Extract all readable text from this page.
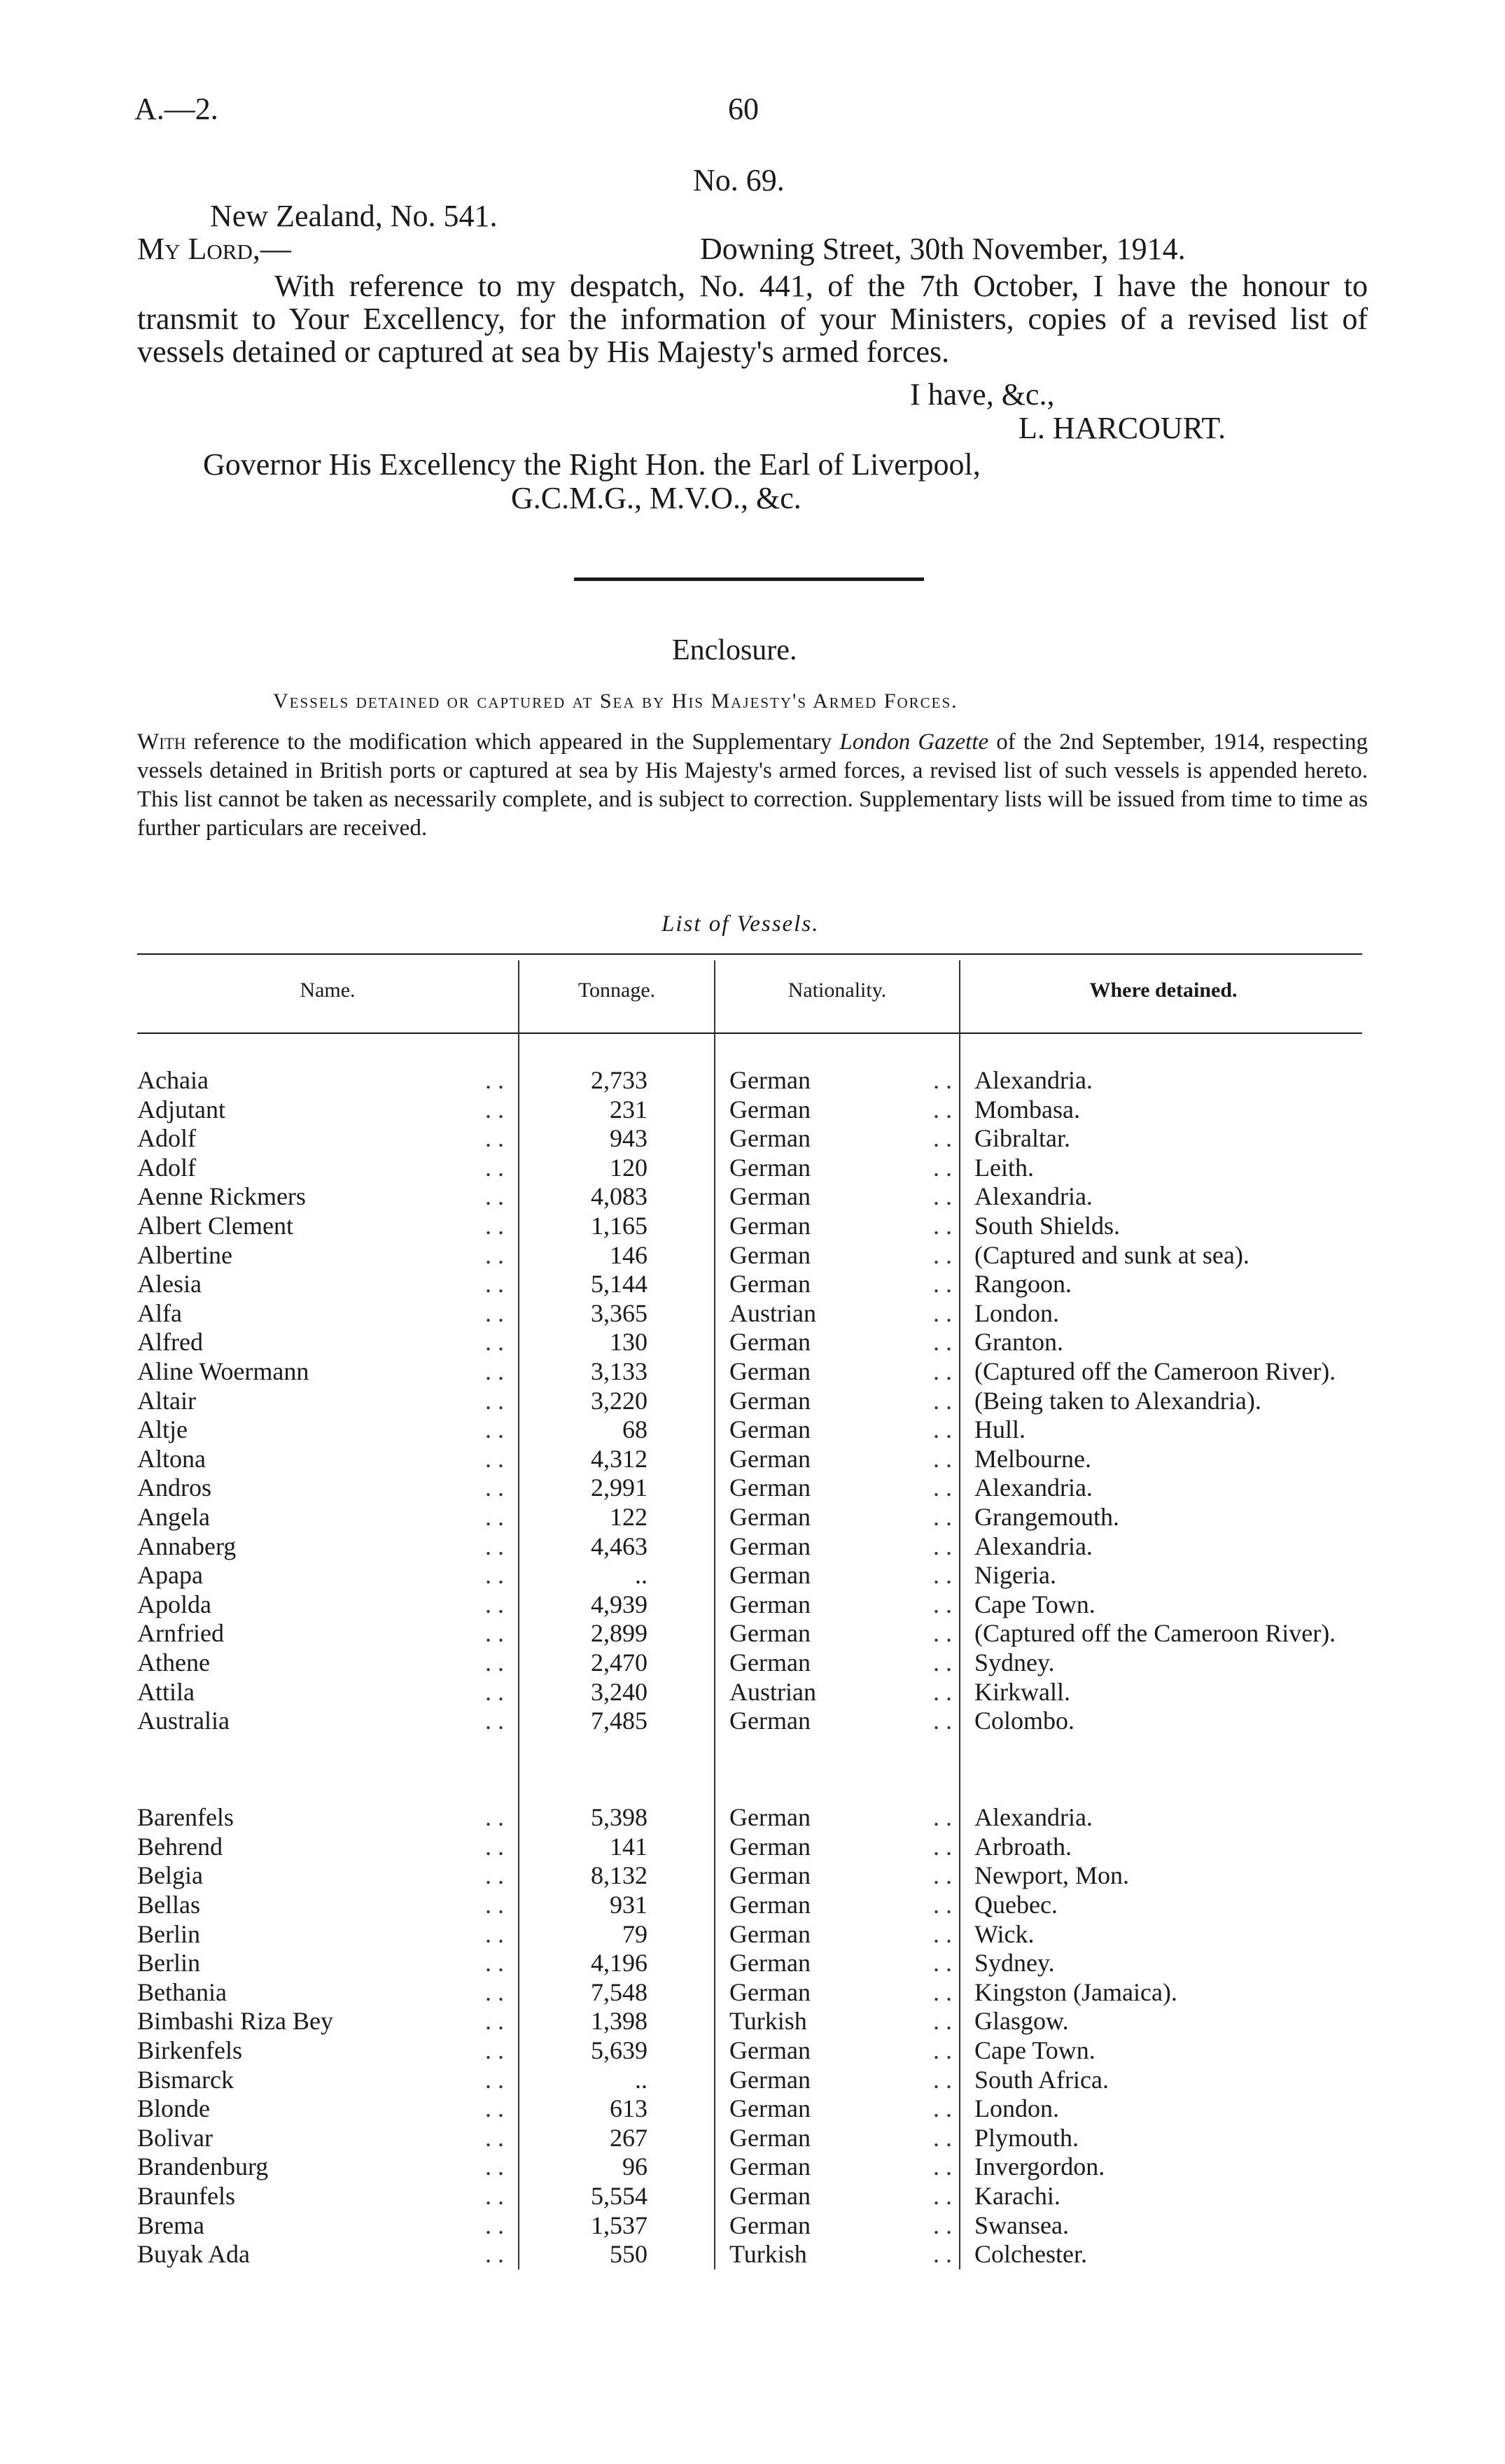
A.—2.	60
No. 69.
New Zealand, No. 541.
My Lord,—	Downing Street, 30th November, 1914.
With reference to my despatch, No. 441, of the 7th October, I have the honour to transmit to Your Excellency, for the information of your Ministers, copies of a revised list of vessels detained or captured at sea by His Majesty's armed forces.
I have, &c.,
L. HARCOURT.
Governor His Excellency the Right Hon. the Earl of Liverpool,
G.C.M.G., M.V.O., &c.
Enclosure.
Vessels detained or captured at Sea by His Majesty's Armed Forces.
With reference to the modification which appeared in the Supplementary London Gazette of the 2nd September, 1914, respecting vessels detained in British ports or captured at sea by His Majesty's armed forces, a revised list of such vessels is appended hereto. This list cannot be taken as necessarily complete, and is subject to correction. Supplementary lists will be issued from time to time as further particulars are received.
List of Vessels.
Name.	Tonnage.	Nationality.	Where detained.
Achaia	. .	2,733	German	. . Alexandria.
Adjutant	. .	231	German	. . Mombasa.
Adolf	. .	943	German	. . Gibraltar.
Adolf	. .	120	German	. . Leith.
Aenne Rickmers	. .	4,083	German	. . Alexandria.
Albert Clement	. .	1,165	German	. . South Shields.
Albertine	. .	146	German	. . (Captured and sunk at sea).
Alesia	. .	5,144	German	. . Rangoon.
Alfa	. .	3,365	Austrian	. . London.
Alfred	. .	130	German	. . Granton.
Aline Woermann	. .	3,133	German	. . (Captured off the Cameroon River).
Altair	. .	3,220	German	. . (Being taken to Alexandria).
Altje	. .	68	German	. . Hull.
Altona	. .	4,312	German	. . Melbourne.
Andros	. .	2,991	German	. . Alexandria.
Angela	. .	122	German	. . Grangemouth.
Annaberg	. .	4,463	German	. . Alexandria.
Apapa	. .	..	German	. . Nigeria.
Apolda	. .	4,939	German	. . Cape Town.
Arnfried	. .	2,899	German	. . (Captured off the Cameroon River).
Athene	. .	2,470	German	. . Sydney.
Attila	. .	3,240	Austrian	. . Kirkwall.
Australia	. .	7,485	German	. . Colombo.
Barenfels	. .	5,398	German	. . Alexandria.
Behrend	. .	141	German	. . Arbroath.
Belgia	. .	8,132	German	. . Newport, Mon.
Bellas	. .	931	German	. . Quebec.
Berlin	. .	79	German	. . Wick.
Berlin	. .	4,196	German	. . Sydney.
Bethania	. .	7,548	German	. . Kingston (Jamaica).
Bimbashi Riza Bey	. .	1,398	Turkish	. . Glasgow.
Birkenfels	. .	5,639	German	. . Cape Town.
Bismarck	. .	..	German	. . South Africa.
Blonde	. .	613	German	. . London.
Bolivar	. .	267	German	. . Plymouth.
Brandenburg	. .	96	German	. . Invergordon.
Braunfels	. .	5,554	German	. . Karachi.
Brema	. .	1,537	German	. . Swansea.
Buyak Ada	. .	550	Turkish	. . Colchester.
